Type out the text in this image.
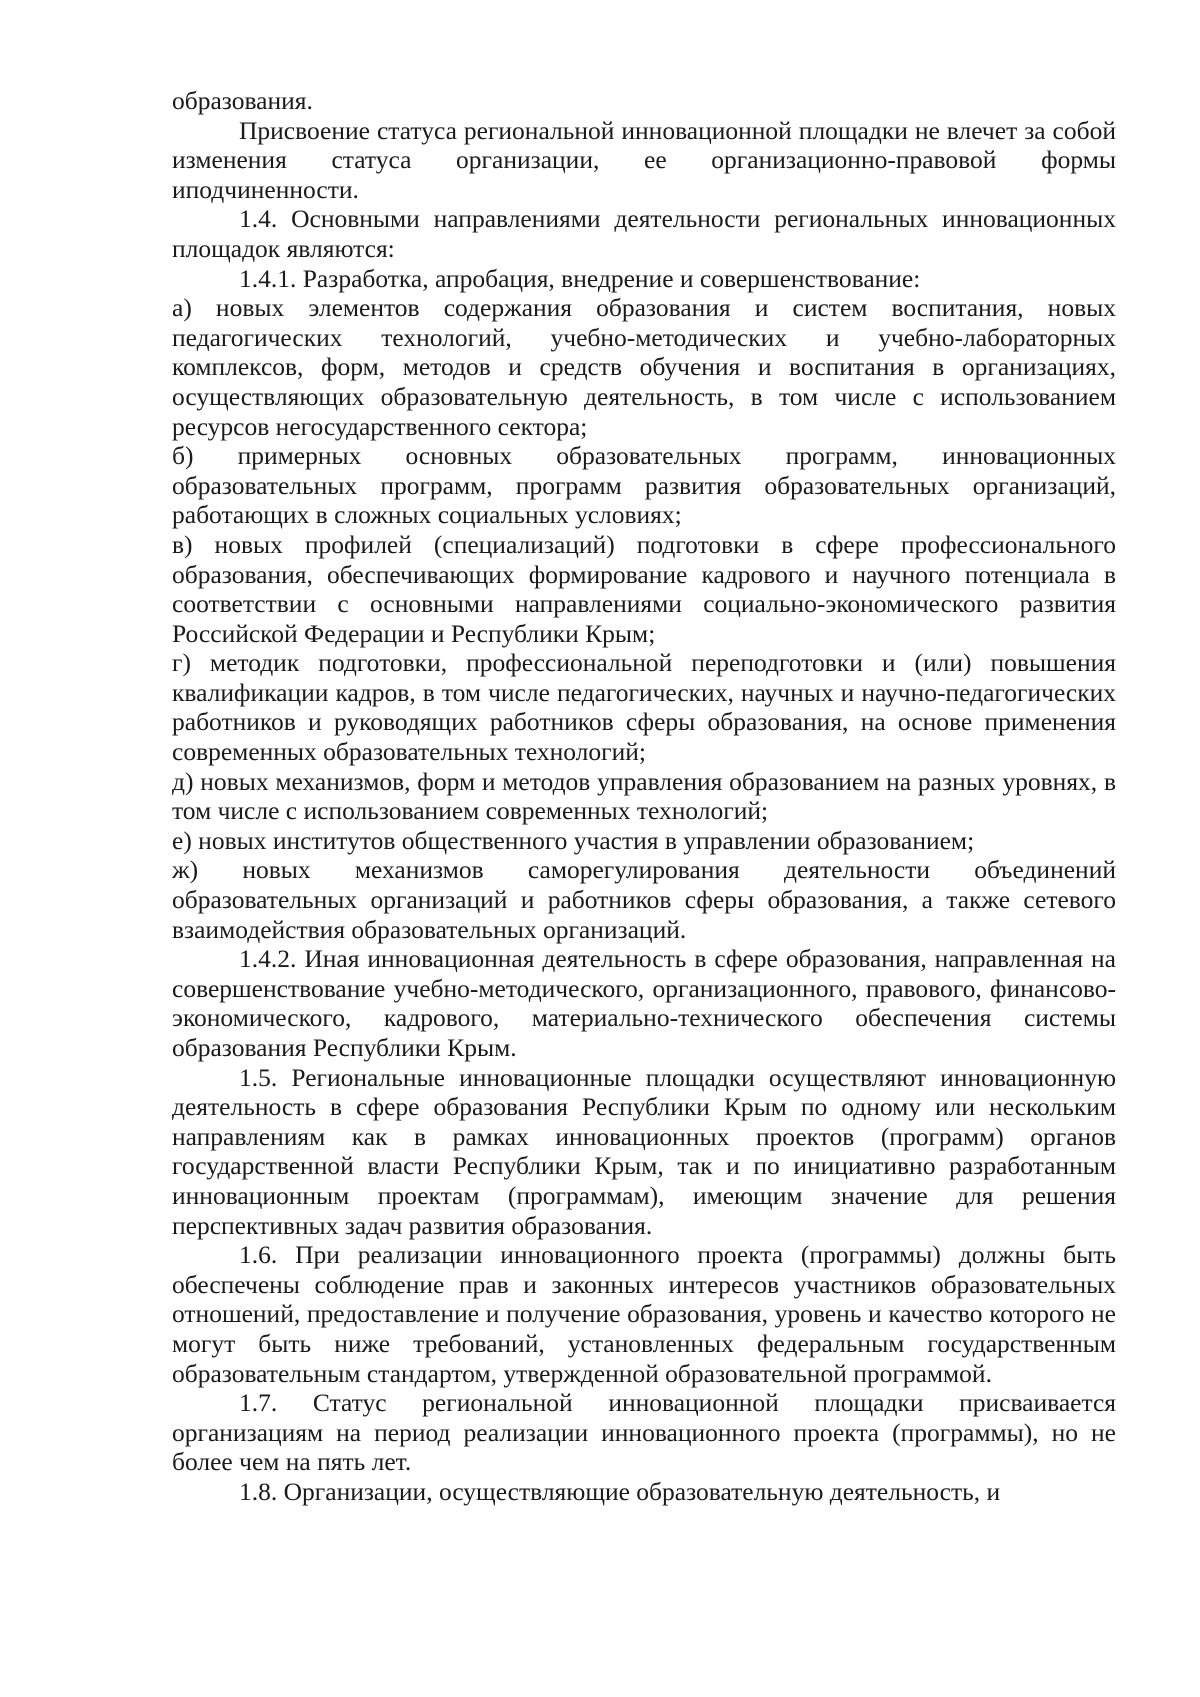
образования.

Присвоение статуса региональной инновационной площадки не влечет за собой изменения статуса организации, ее организационно-правовой формы иподчиненности.

1.4. Основными направлениями деятельности региональных инновационных площадок являются:

1.4.1. Разработка, апробация, внедрение и совершенствование:

а) новых элементов содержания образования и систем воспитания, новых педагогических технологий, учебно-методических и учебно-лабораторных комплексов, форм, методов и средств обучения и воспитания в организациях, осуществляющих образовательную деятельность, в том числе с использованием ресурсов негосударственного сектора;

б) примерных основных образовательных программ, инновационных образовательных программ, программ развития образовательных организаций, работающих в сложных социальных условиях;

в) новых профилей (специализаций) подготовки в сфере профессионального образования, обеспечивающих формирование кадрового и научного потенциала в соответствии с основными направлениями социально-экономического развития Российской Федерации и Республики Крым;

г) методик подготовки, профессиональной переподготовки и (или) повышения квалификации кадров, в том числе педагогических, научных и научно-педагогических работников и руководящих работников сферы образования, на основе применения современных образовательных технологий;

д) новых механизмов, форм и методов управления образованием на разных уровнях, в том числе с использованием современных технологий;

е) новых институтов общественного участия в управлении образованием;

ж) новых механизмов саморегулирования деятельности объединений образовательных организаций и работников сферы образования, а также сетевого взаимодействия образовательных организаций.

1.4.2. Иная инновационная деятельность в сфере образования, направленная на совершенствование учебно-методического, организационного, правового, финансово-экономического, кадрового, материально-технического обеспечения системы образования Республики Крым.

1.5. Региональные инновационные площадки осуществляют инновационную деятельность в сфере образования Республики Крым по одному или нескольким направлениям как в рамках инновационных проектов (программ) органов государственной власти Республики Крым, так и по инициативно разработанным инновационным проектам (программам), имеющим значение для решения перспективных задач развития образования.

1.6. При реализации инновационного проекта (программы) должны быть обеспечены соблюдение прав и законных интересов участников образовательных отношений, предоставление и получение образования, уровень и качество которого не могут быть ниже требований, установленных федеральным государственным образовательным стандартом, утвержденной образовательной программой.

1.7. Статус региональной инновационной площадки присваивается организациям на период реализации инновационного проекта (программы), но не более чем на пять лет.

1.8. Организации, осуществляющие образовательную деятельность, и
